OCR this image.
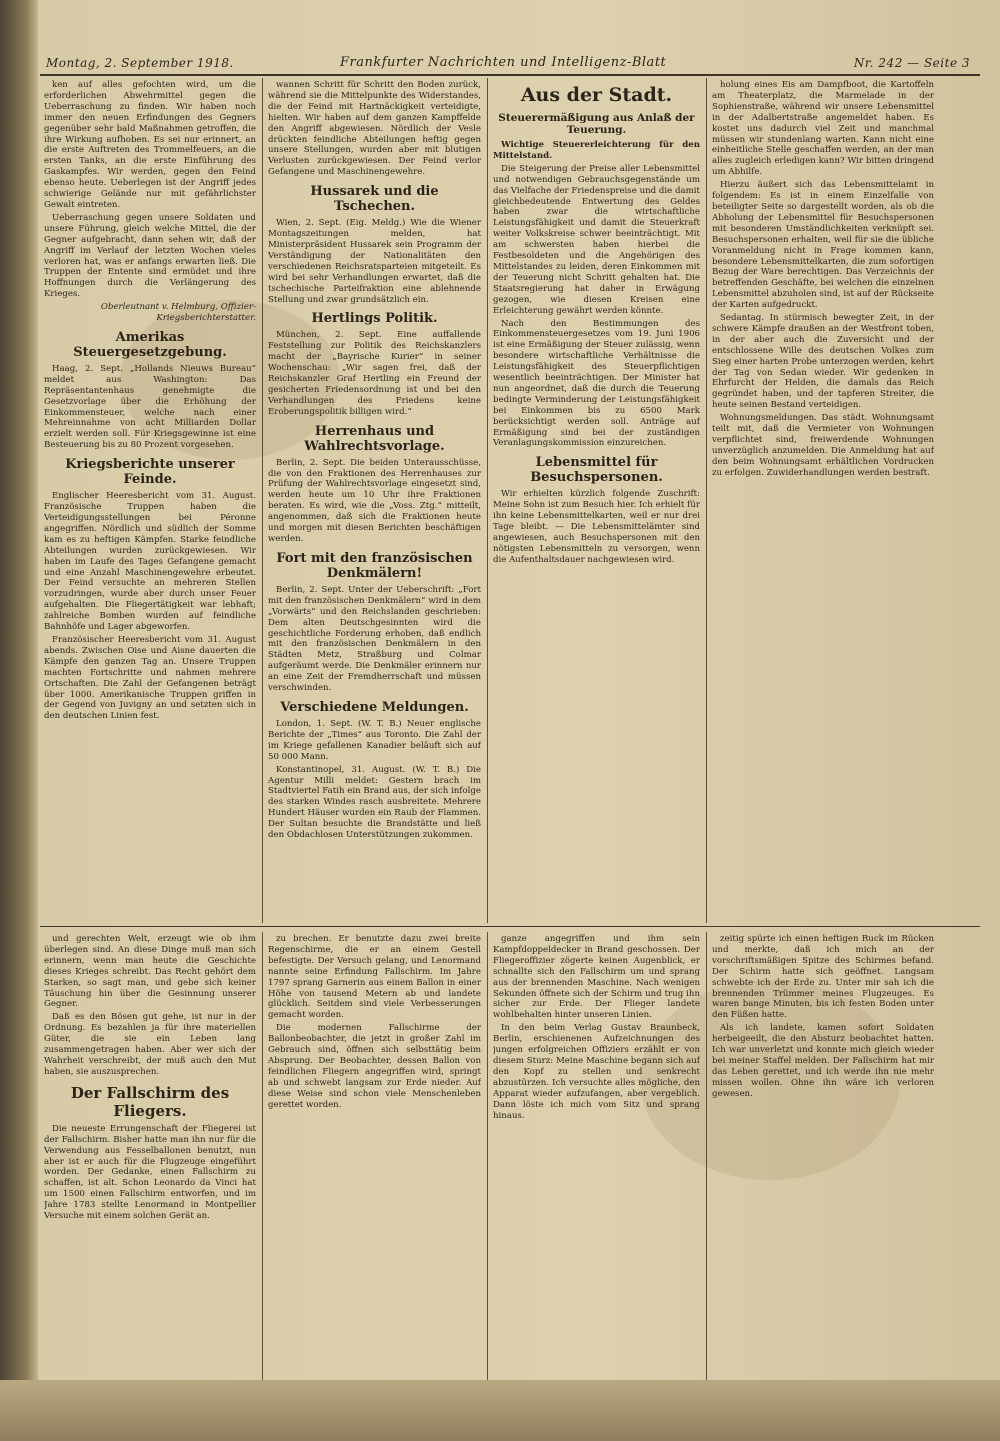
Montag, 2. September 1918.	Frankfurter Nachrichten und Intelligenz-Blatt	Nr. 242 — Seite 3

ken auf alles gefochten wird, um die erforderlichen Abwehrmittel gegen die Ueberraschung zu finden. Wir haben noch immer den neuen Erfindungen des Gegners gegenüber sehr bald Maßnahmen getroffen, die ihre Wirkung aufhoben. Es sei nur erinnert, an die erste Auftreten des Trommelfeuers, an die ersten Tanks, an die erste Einführung des Gaskampfes. Wir werden, gegen den Feind ebenso heute. Ueberlegen ist der Angriff jedes schwierige Gelände nur mit gefährlichster Gewalt eintreten.

Ueberraschung gegen unsere Soldaten und unsere Führung, gleich welche Mittel, die der Gegner aufgebracht, dann sehen wir, daß der Angriff im Verlauf der letzten Wochen vieles verloren hat, was er anfangs erwarten ließ. Die Truppen der Entente sind ermüdet und ihre Hoffnungen durch die Verlängerung des Krieges.

Oberleutnant v. Helmburg, Offizier-Kriegsberichterstatter.

Amerikas Steuergesetzgebung.

Haag, 2. Sept. „Hollands Nieuws Bureau“ meldet aus Washington: Das Repräsentantenhaus genehmigte die Gesetzvorlage über die Erhöhung der Einkommensteuer, welche nach einer Mehreinnahme von acht Milliarden Dollar erzielt werden soll. Für Kriegsgewinne ist eine Besteuerung bis zu 80 Prozent vorgesehen.

Kriegsberichte unserer Feinde.

Englischer Heeresbericht vom 31. August. Französische Truppen haben die Verteidigungsstellungen bei Péronne angegriffen. Nördlich und südlich der Somme kam es zu heftigen Kämpfen. Starke feindliche Abteilungen wurden zurückgewiesen. Wir haben im Laufe des Tages Gefangene gemacht und eine Anzahl Maschinengewehre erbeutet. Der Feind versuchte an mehreren Stellen vorzudringen, wurde aber durch unser Feuer aufgehalten. Die Fliegertätigkeit war lebhaft; zahlreiche Bomben wurden auf feindliche Bahnhöfe und Lager abgeworfen.

Französischer Heeresbericht vom 31. August abends. Zwischen Oise und Aisne dauerten die Kämpfe den ganzen Tag an. Unsere Truppen machten Fortschritte und nahmen mehrere Ortschaften. Die Zahl der Gefangenen beträgt über 1000. Amerikanische Truppen griffen in der Gegend von Juvigny an und setzten sich in den deutschen Linien fest.

wannen Schritt für Schritt den Boden zurück, während sie die Mittelpunkte des Widerstandes, die der Feind mit Hartnäckigkeit verteidigte, hielten. Wir haben auf dem ganzen Kampffelde den Angriff abgewiesen. Nördlich der Vesle drückten feindliche Abteilungen heftig gegen unsere Stellungen, wurden aber mit blutigen Verlusten zurückgewiesen. Der Feind verlor Gefangene und Maschinengewehre.

Hussarek und die Tschechen.

Wien, 2. Sept. (Eig. Meldg.) Wie die Wiener Montagszeitungen melden, hat Ministerpräsident Hussarek sein Programm der Verständigung der Nationalitäten den verschiedenen Reichsratsparteien mitgeteilt. Es wird bei sehr Verhandlungen erwartet, daß die tschechische Parteifraktion eine ablehnende Stellung und zwar grundsätzlich ein.

Hertlings Politik.

München, 2. Sept. Eine auffallende Feststellung zur Politik des Reichskanzlers macht der „Bayrische Kurier“ in seiner Wochenschau: „Wir sagen frei, daß der Reichskanzler Graf Hertling ein Freund der gesicherten Friedensordnung ist und bei den Verhandlungen des Friedens keine Eroberungspolitik billigen wird.“

Herrenhaus und Wahlrechtsvorlage.

Berlin, 2. Sept. Die beiden Unterausschüsse, die von den Fraktionen des Herrenhauses zur Prüfung der Wahlrechtsvorlage eingesetzt sind, werden heute um 10 Uhr ihre Fraktionen beraten. Es wird, wie die „Voss. Ztg.“ mitteilt, angenommen, daß sich die Fraktionen heute und morgen mit diesen Berichten beschäftigen werden.

Fort mit den französischen Denkmälern!

Berlin, 2. Sept. Unter der Ueberschrift: „Fort mit den französischen Denkmälern“ wird in dem „Vorwärts“ und den Reichslanden geschrieben: Dem alten Deutschgesinnten wird die geschichtliche Forderung erhoben, daß endlich mit den französischen Denkmälern in den Städten Metz, Straßburg und Colmar aufgeräumt werde. Die Denkmäler erinnern nur an eine Zeit der Fremdherrschaft und müssen verschwinden.

Verschiedene Meldungen.

London, 1. Sept. (W. T. B.) Neuer englische Berichte der „Times“ aus Toronto. Die Zahl der im Kriege gefallenen Kanadier beläuft sich auf 50 000 Mann.

Konstantinopel, 31. August. (W. T. B.) Die Agentur Milli meldet: Gestern brach im Stadtviertel Fatih ein Brand aus, der sich infolge des starken Windes rasch ausbreitete. Mehrere Hundert Häuser wurden ein Raub der Flammen. Der Sultan besuchte die Brandstätte und ließ den Obdachlosen Unterstützungen zukommen.

Aus der Stadt.
Steuerermäßigung aus Anlaß der Teuerung.

Wichtige Steuererleichterung für den Mittelstand.

Die Steigerung der Preise aller Lebensmittel und notwendigen Gebrauchsgegenstände um das Vielfache der Friedenspreise und die damit gleichbedeutende Entwertung des Geldes haben zwar die wirtschaftliche Leistungsfähigkeit und damit die Steuerkraft weiter Volkskreise schwer beeinträchtigt. Mit am schwersten haben hierbei die Festbesoldeten und die Angehörigen des Mittelstandes zu leiden, deren Einkommen mit der Teuerung nicht Schritt gehalten hat. Die Staatsregierung hat daher in Erwägung gezogen, wie diesen Kreisen eine Erleichterung gewährt werden könnte.

Nach den Bestimmungen des Einkommensteuergesetzes vom 19. Juni 1906 ist eine Ermäßigung der Steuer zulässig, wenn besondere wirtschaftliche Verhältnisse die Leistungsfähigkeit des Steuerpflichtigen wesentlich beeinträchtigen. Der Minister hat nun angeordnet, daß die durch die Teuerung bedingte Verminderung der Leistungsfähigkeit bei Einkommen bis zu 6500 Mark berücksichtigt werden soll. Anträge auf Ermäßigung sind bei der zuständigen Veranlagungskommission einzureichen.

Lebensmittel für Besuchspersonen.

Wir erhielten kürzlich folgende Zuschrift: Meine Sohn ist zum Besuch hier. Ich erhielt für ihn keine Lebensmittelkarten, weil er nur drei Tage bleibt. — Die Lebensmittelämter sind angewiesen, auch Besuchspersonen mit den nötigsten Lebensmitteln zu versorgen, wenn die Aufenthaltsdauer nachgewiesen wird.

holung eines Eis am Dampfboot, die Kartoffeln am Theaterplatz, die Marmelade in der Sophienstraße, während wir unsere Lebensmittel in der Adalbertstraße angemeldet haben. Es kostet uns dadurch viel Zeit und manchmal müssen wir stundenlang warten. Kann nicht eine einheitliche Stelle geschaffen werden, an der man alles zugleich erledigen kann? Wir bitten dringend um Abhilfe.

Hierzu äußert sich das Lebensmittelamt in folgendem: Es ist in einem Einzelfalle von beteiligter Seite so dargestellt worden, als ob die Abholung der Lebensmittel für Besuchspersonen mit besonderen Umständlichkeiten verknüpft sei. Besuchspersonen erhalten, weil für sie die übliche Voranmeldung nicht in Frage kommen kann, besondere Lebensmittelkarten, die zum sofortigen Bezug der Ware berechtigen. Das Verzeichnis der betreffenden Geschäfte, bei welchen die einzelnen Lebensmittel abzuholen sind, ist auf der Rückseite der Karten aufgedruckt.

Sedantag. In stürmisch bewegter Zeit, in der schwere Kämpfe draußen an der Westfront toben, in der aber auch die Zuversicht und der entschlossene Wille des deutschen Volkes zum Sieg einer harten Probe unterzogen werden, kehrt der Tag von Sedan wieder. Wir gedenken in Ehrfurcht der Helden, die damals das Reich gegründet haben, und der tapferen Streiter, die heute seinen Bestand verteidigen.

Wohnungsmeldungen. Das städt. Wohnungsamt teilt mit, daß die Vermieter von Wohnungen verpflichtet sind, freiwerdende Wohnungen unverzüglich anzumelden. Die Anmeldung hat auf den beim Wohnungsamt erhältlichen Vordrucken zu erfolgen. Zuwiderhandlungen werden bestraft.

und gerechten Welt, erzeugt wie ob ihm überlegen sind. An diese Dinge muß man sich erinnern, wenn man heute die Geschichte dieses Krieges schreibt. Das Recht gehört dem Starken, so sagt man, und gebe sich keiner Täuschung hin über die Gesinnung unserer Gegner.

Daß es den Bösen gut gehe, ist nur in der Ordnung. Es bezahlen ja für ihre materiellen Güter, die sie ein Leben lang zusammengetragen haben. Aber wer sich der Wahrheit verschreibt, der muß auch den Mut haben, sie auszusprechen.

Der Fallschirm des Fliegers.

Die neueste Errungenschaft der Fliegerei ist der Fallschirm. Bisher hatte man ihn nur für die Verwendung aus Fesselballonen benutzt, nun aber ist er auch für die Flugzeuge eingeführt worden. Der Gedanke, einen Fallschirm zu schaffen, ist alt. Schon Leonardo da Vinci hat um 1500 einen Fallschirm entworfen, und im Jahre 1783 stellte Lenormand in Montpellier Versuche mit einem solchen Gerät an.

zu brechen. Er benutzte dazu zwei breite Regenschirme, die er an einem Gestell befestigte. Der Versuch gelang, und Lenormand nannte seine Erfindung Fallschirm. Im Jahre 1797 sprang Garnerin aus einem Ballon in einer Höhe von tausend Metern ab und landete glücklich. Seitdem sind viele Verbesserungen gemacht worden.

Die modernen Fallschirme der Ballonbeobachter, die jetzt in großer Zahl im Gebrauch sind, öffnen sich selbsttätig beim Absprung. Der Beobachter, dessen Ballon von feindlichen Fliegern angegriffen wird, springt ab und schwebt langsam zur Erde nieder. Auf diese Weise sind schon viele Menschenleben gerettet worden.

ganze angegriffen und ihm sein Kampfdoppeldecker in Brand geschossen. Der Fliegeroffizier zögerte keinen Augenblick, er schnallte sich den Fallschirm um und sprang aus der brennenden Maschine. Nach wenigen Sekunden öffnete sich der Schirm und trug ihn sicher zur Erde. Der Flieger landete wohlbehalten hinter unseren Linien.

In den beim Verlag Gustav Braunbeck, Berlin, erschienenen Aufzeichnungen des jungen erfolgreichen Offiziers erzählt er von diesem Sturz: Meine Maschine begann sich auf den Kopf zu stellen und senkrecht abzustürzen. Ich versuchte alles mögliche, den Apparat wieder aufzufangen, aber vergeblich. Dann löste ich mich vom Sitz und sprang hinaus.

zeitig spürte ich einen heftigen Ruck im Rücken und merkte, daß ich mich an der vorschriftsmäßigen Spitze des Schirmes befand. Der Schirm hatte sich geöffnet. Langsam schwebte ich der Erde zu. Unter mir sah ich die brennenden Trümmer meines Flugzeuges. Es waren bange Minuten, bis ich festen Boden unter den Füßen hatte.

Als ich landete, kamen sofort Soldaten herbeigeeilt, die den Absturz beobachtet hatten. Ich war unverletzt und konnte mich gleich wieder bei meiner Staffel melden. Der Fallschirm hat mir das Leben gerettet, und ich werde ihn nie mehr missen wollen. Ohne ihn wäre ich verloren gewesen.
